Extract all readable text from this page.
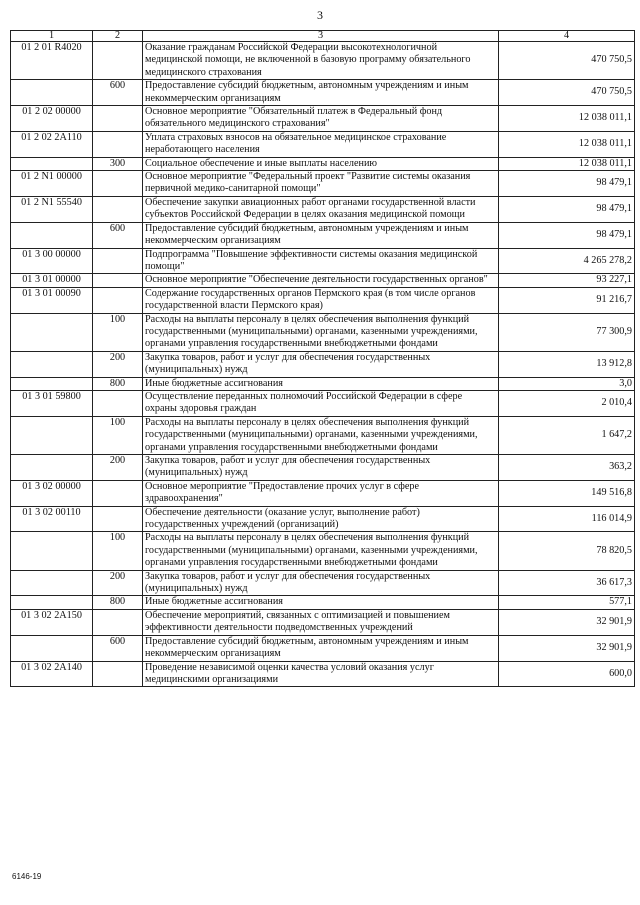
3
1	2	3	4
01 2 01 R4020		Оказание гражданам Российской Федерации высокотехнологичной медицинской помощи, не включенной в базовую программу обязательного медицинского страхования	470 750,5
	600	Предоставление субсидий бюджетным, автономным учреждениям и иным некоммерческим организациям	470 750,5
01 2 02 00000		Основное мероприятие "Обязательный платеж в Федеральный фонд обязательного медицинского страхования"	12 038 011,1
01 2 02 2А110		Уплата страховых взносов на обязательное медицинское страхование неработающего населения	12 038 011,1
	300	Социальное обеспечение и иные выплаты населению	12 038 011,1
01 2 N1 00000		Основное мероприятие "Федеральный проект "Развитие системы оказания первичной медико-санитарной помощи"	98 479,1
01 2 N1 55540		Обеспечение закупки авиационных работ органами государственной власти субъектов Российской Федерации в целях оказания медицинской помощи	98 479,1
	600	Предоставление субсидий бюджетным, автономным учреждениям и иным некоммерческим организациям	98 479,1
01 3 00 00000		Подпрограмма "Повышение эффективности системы оказания медицинской помощи"	4 265 278,2
01 3 01 00000		Основное мероприятие "Обеспечение деятельности государственных органов"	93 227,1
01 3 01 00090		Содержание государственных органов Пермского края (в том числе органов государственной власти Пермского края)	91 216,7
	100	Расходы на выплаты персоналу в целях обеспечения выполнения функций государственными (муниципальными) органами, казенными учреждениями, органами управления государственными внебюджетными фондами	77 300,9
	200	Закупка товаров, работ и услуг для обеспечения государственных (муниципальных) нужд	13 912,8
	800	Иные бюджетные ассигнования	3,0
01 3 01 59800		Осуществление переданных полномочий Российской Федерации в сфере охраны здоровья граждан	2 010,4
	100	Расходы на выплаты персоналу в целях обеспечения выполнения функций государственными (муниципальными) органами, казенными учреждениями, органами управления государственными внебюджетными фондами	1 647,2
	200	Закупка товаров, работ и услуг для обеспечения государственных (муниципальных) нужд	363,2
01 3 02 00000		Основное мероприятие "Предоставление прочих услуг в сфере здравоохранения"	149 516,8
01 3 02 00110		Обеспечение деятельности (оказание услуг, выполнение работ) государственных учреждений (организаций)	116 014,9
	100	Расходы на выплаты персоналу в целях обеспечения выполнения функций государственными (муниципальными) органами, казенными учреждениями, органами управления государственными внебюджетными фондами	78 820,5
	200	Закупка товаров, работ и услуг для обеспечения государственных (муниципальных) нужд	36 617,3
	800	Иные бюджетные ассигнования	577,1
01 3 02 2А150		Обеспечение мероприятий, связанных с оптимизацией и повышением эффективности деятельности подведомственных учреждений	32 901,9
	600	Предоставление субсидий бюджетным, автономным учреждениям и иным некоммерческим организациям	32 901,9
01 3 02 2А140		Проведение независимой оценки качества условий оказания услуг медицинскими организациями	600,0
6146-19
